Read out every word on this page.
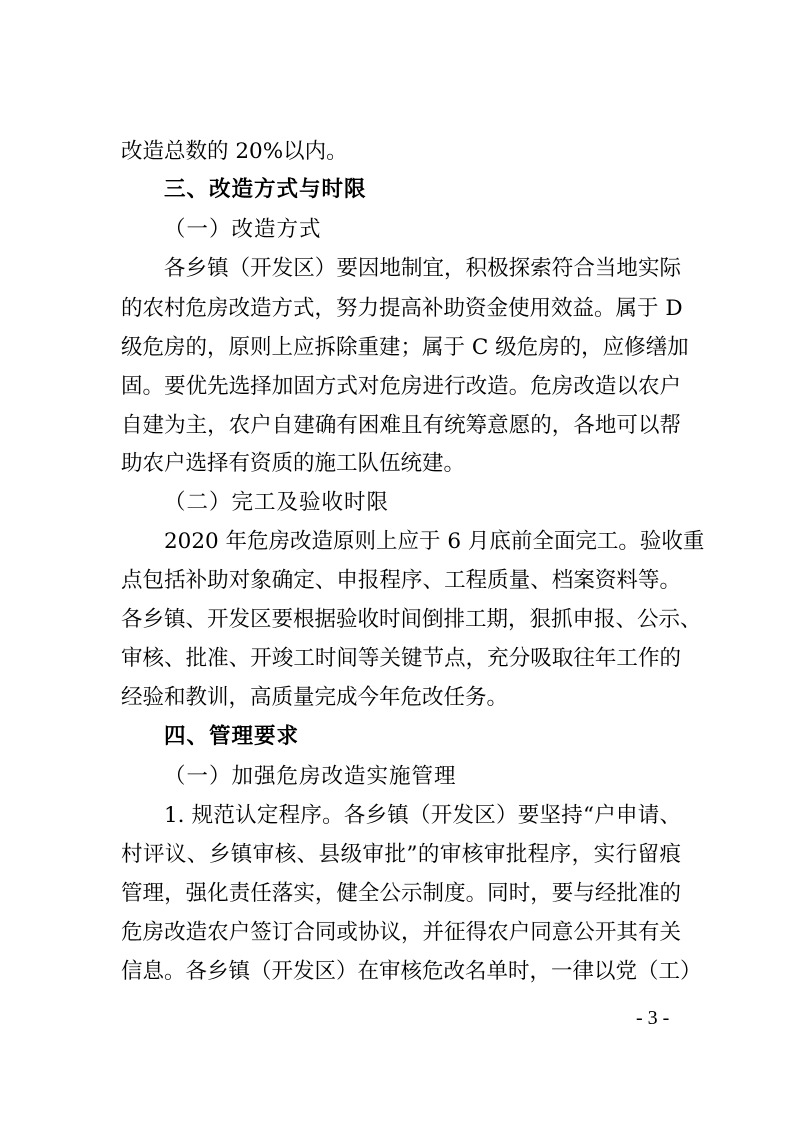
改造总数的 20%以内。
三、改造方式与时限
（一）改造方式
各乡镇（开发区）要因地制宜，积极探索符合当地实际
的农村危房改造方式，努力提高补助资金使用效益。属于 D
级危房的，原则上应拆除重建；属于 C 级危房的，应修缮加
固。要优先选择加固方式对危房进行改造。危房改造以农户
自建为主，农户自建确有困难且有统筹意愿的，各地可以帮
助农户选择有资质的施工队伍统建。
（二）完工及验收时限
2020 年危房改造原则上应于 6 月底前全面完工。验收重
点包括补助对象确定、申报程序、工程质量、档案资料等。
各乡镇、开发区要根据验收时间倒排工期，狠抓申报、公示、
审核、批准、开竣工时间等关键节点，充分吸取往年工作的
经验和教训，高质量完成今年危改任务。
四、管理要求
（一）加强危房改造实施管理
1. 规范认定程序。各乡镇（开发区）要坚持“户申请、
村评议、乡镇审核、县级审批”的审核审批程序，实行留痕
管理，强化责任落实，健全公示制度。同时，要与经批准的
危房改造农户签订合同或协议，并征得农户同意公开其有关
信息。各乡镇（开发区）在审核危改名单时，一律以党（工）
- 3 -
